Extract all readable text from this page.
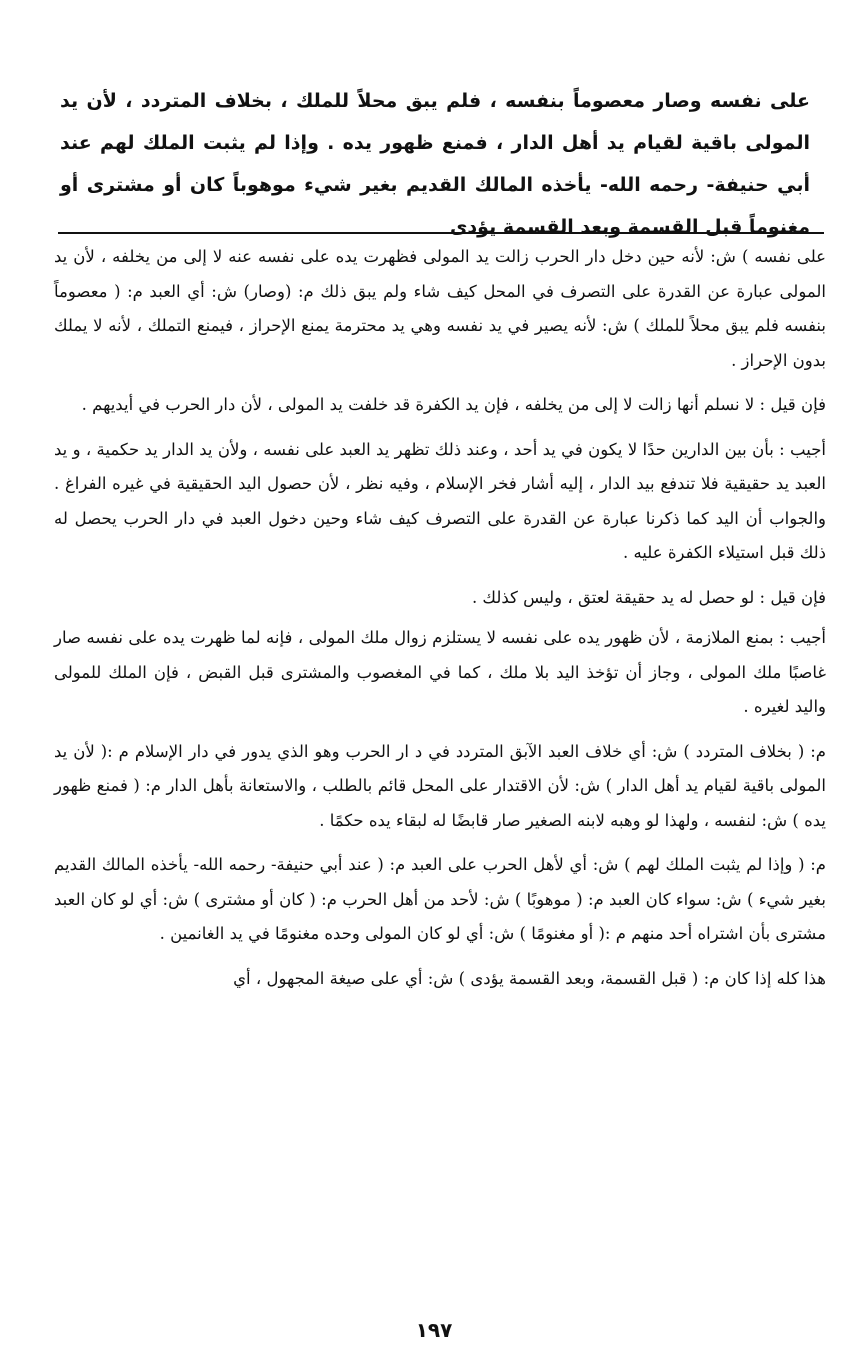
على نفسه وصار معصوماً بنفسه ، فلم يبق محلاً للملك ، بخلاف المتردد ، لأن يد المولى باقية لقيام يد أهل الدار ، فمنع ظهور يده . وإذا لم يثبت الملك لهم عند أبي حنيفة- رحمه الله- يأخذه المالك القديم بغير شيء موهوباً كان أو مشترى أو مغنوماً قبل القسمة وبعد القسمة يؤدى

على نفسه ) ش: لأنه حين دخل دار الحرب زالت يد المولى فظهرت يده على نفسه عنه لا إلى من يخلفه ، لأن يد المولى عبارة عن القدرة على التصرف في المحل كيف شاء ولم يبق ذلك م: (وصار) ش: أي العبد م: ( معصوماً بنفسه فلم يبق محلاً للملك ) ش: لأنه يصير في يد نفسه وهي يد محترمة يمنع الإحراز ، فيمنع التملك ، لأنه لا يملك بدون الإحراز .

فإن قيل : لا نسلم أنها زالت لا إلى من يخلفه ، فإن يد الكفرة قد خلفت يد المولى ، لأن دار الحرب في أيديهم .

أجيب : بأن بين الدارين حدًا لا يكون في يد أحد ، وعند ذلك تظهر يد العبد على نفسه ، ولأن يد الدار يد حكمية ، و يد العبد يد حقيقية فلا تندفع بيد الدار ، إليه أشار فخر الإسلام ، وفيه نظر ، لأن حصول اليد الحقيقية في غيره الفراغ . والجواب أن اليد كما ذكرنا عبارة عن القدرة على التصرف كيف شاء وحين دخول العبد في دار الحرب يحصل له ذلك قبل استيلاء الكفرة عليه .

فإن قيل : لو حصل له يد حقيقة لعتق ، وليس كذلك .

أجيب : بمنع الملازمة ، لأن ظهور يده على نفسه لا يستلزم زوال ملك المولى ، فإنه لما ظهرت يده على نفسه صار غاصبًا ملك المولى ، وجاز أن تؤخذ اليد بلا ملك ، كما في المغصوب والمشترى قبل القبض ، فإن الملك للمولى واليد لغيره .

م: ( بخلاف المتردد ) ش: أي خلاف العبد الآبق المتردد في د ار الحرب وهو الذي يدور في دار الإسلام م :( لأن يد المولى باقية لقيام يد أهل الدار ) ش: لأن الاقتدار على المحل قائم بالطلب ، والاستعانة بأهل الدار م: ( فمنع ظهور يده ) ش: لنفسه ، ولهذا لو وهبه لابنه الصغير صار قابضًا له لبقاء يده حكمًا .

م: ( وإذا لم يثبت الملك لهم ) ش: أي لأهل الحرب على العبد م: ( عند أبي حنيفة- رحمه الله- يأخذه المالك القديم بغير شيء ) ش: سواء كان العبد م: ( موهوبًا ) ش: لأحد من أهل الحرب م: ( كان أو مشترى ) ش: أي لو كان العبد مشترى بأن اشتراه أحد منهم م :( أو مغنومًا ) ش: أي لو كان المولى وحده مغنومًا في يد الغانمين .

هذا كله إذا كان م: ( قبل القسمة، وبعد القسمة يؤدى ) ش: أي على صيغة المجهول ، أي

١٩٧
